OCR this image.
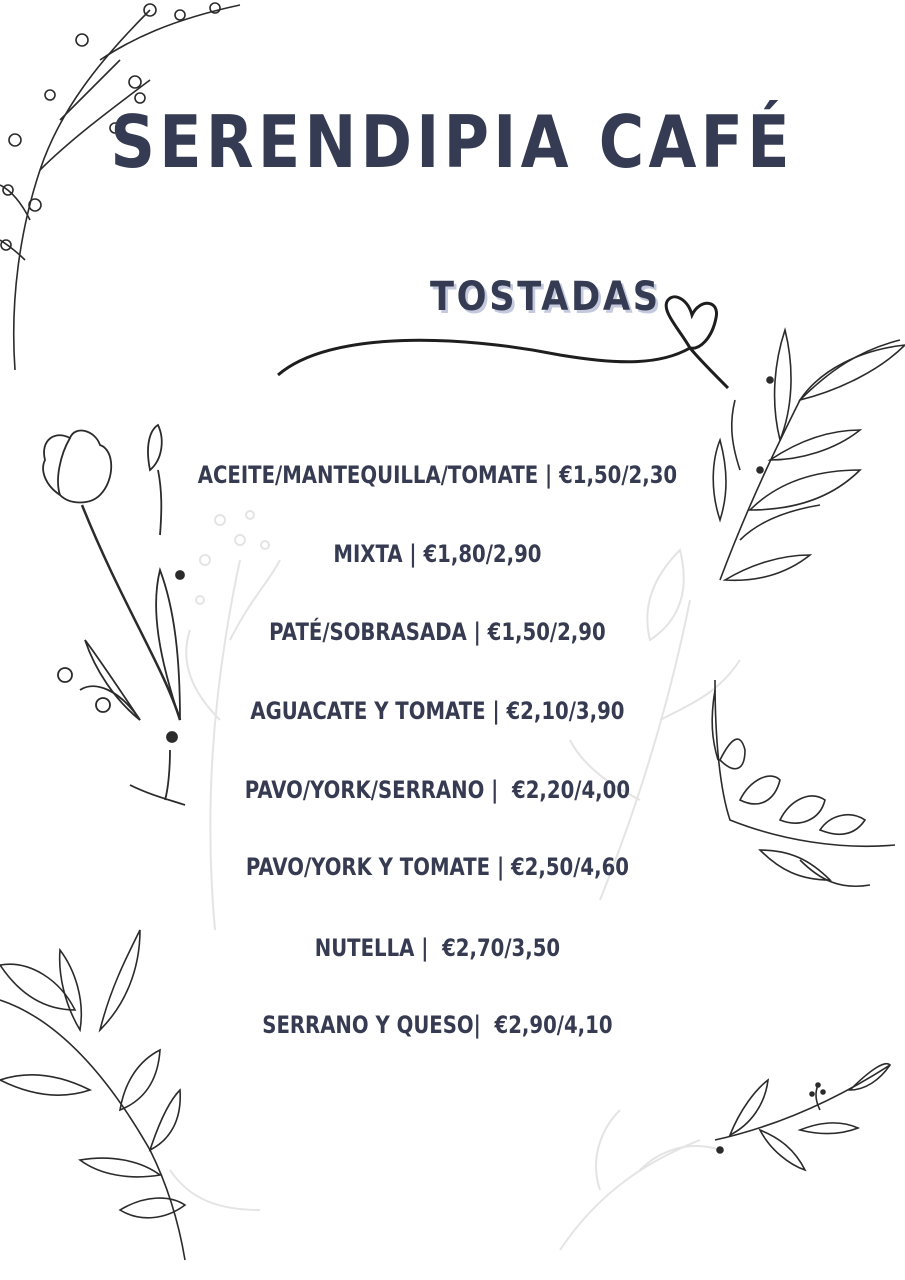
SERENDIPIA CAFÉ
TOSTADAS
ACEITE/MANTEQUILLA/TOMATE | €1,50/2,30
MIXTA | €1,80/2,90
PATÉ/SOBRASADA | €1,50/2,90
AGUACATE Y TOMATE | €2,10/3,90
PAVO/YORK/SERRANO |  €2,20/4,00
PAVO/YORK Y TOMATE | €2,50/4,60
NUTELLA |  €2,70/3,50
SERRANO Y QUESO|  €2,90/4,10
